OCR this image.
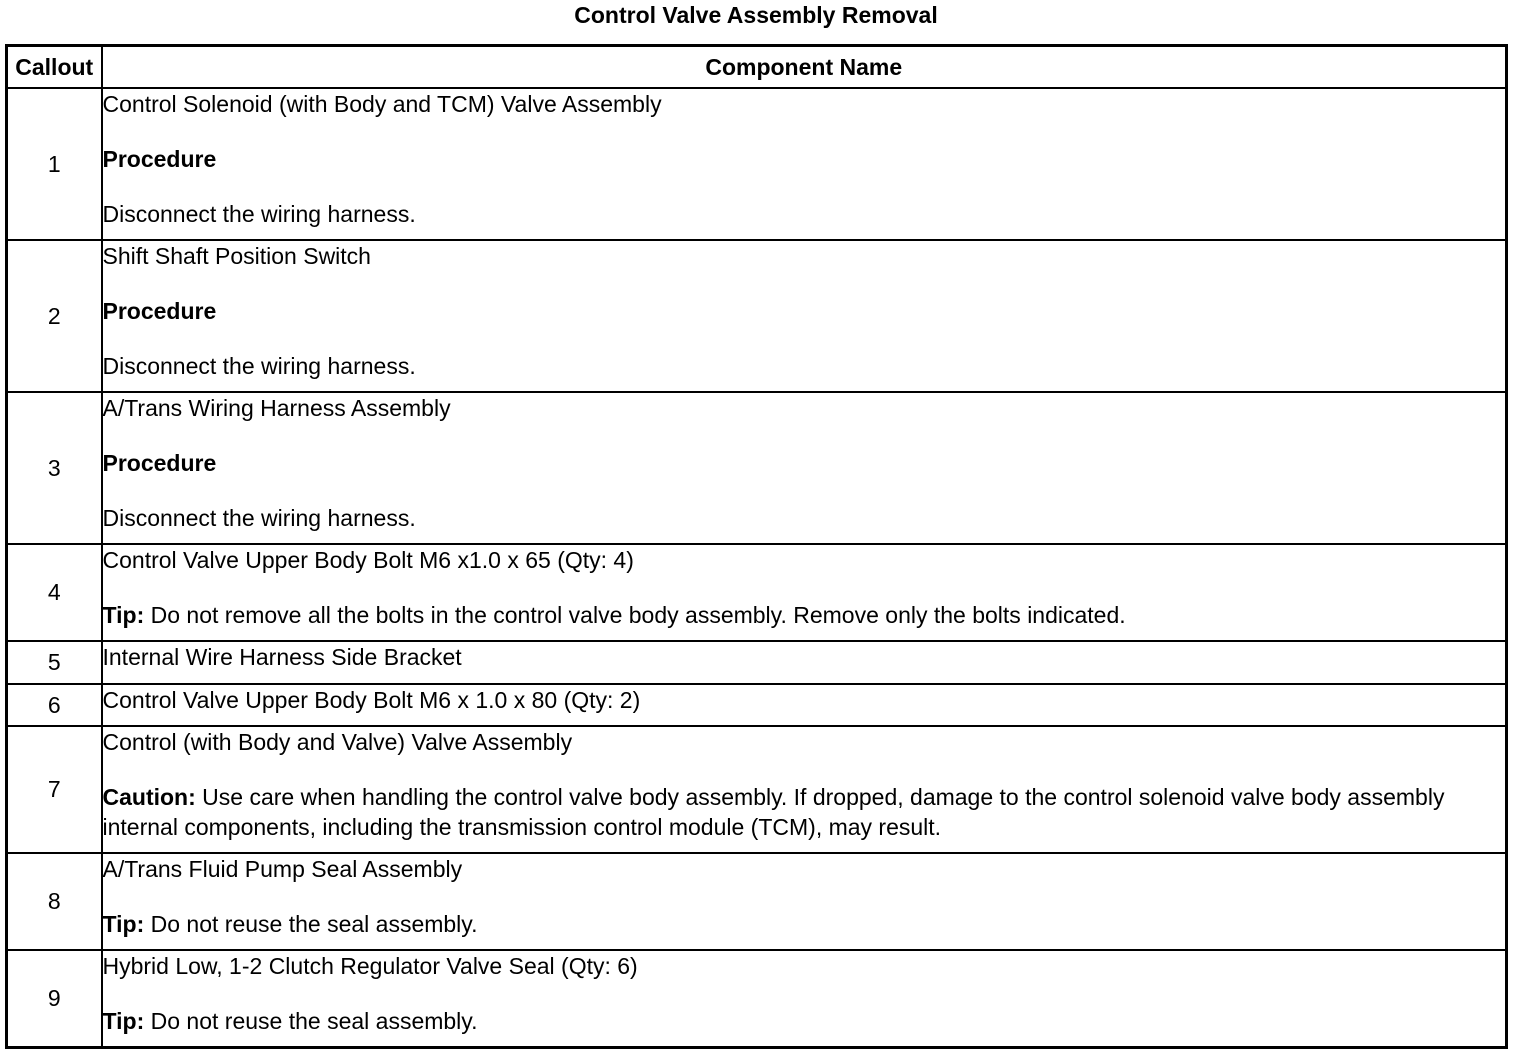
Control Valve Assembly Removal
Callout	Component Name
1	Control Solenoid (with Body and TCM) Valve Assembly

Procedure

Disconnect the wiring harness.

2	Shift Shaft Position Switch

Procedure

Disconnect the wiring harness.

3	A/Trans Wiring Harness Assembly

Procedure

Disconnect the wiring harness.

4	Control Valve Upper Body Bolt M6 x1.0 x 65 (Qty: 4)

Tip: Do not remove all the bolts in the control valve body assembly. Remove only the bolts indicated.

5	Internal Wire Harness Side Bracket

6	Control Valve Upper Body Bolt M6 x 1.0 x 80 (Qty: 2)

7	Control (with Body and Valve) Valve Assembly

Caution: Use care when handling the control valve body assembly. If dropped, damage to the control solenoid valve body assembly internal components, including the transmission control module (TCM), may result.

8	A/Trans Fluid Pump Seal Assembly

Tip: Do not reuse the seal assembly.

9	Hybrid Low, 1-2 Clutch Regulator Valve Seal (Qty: 6)

Tip: Do not reuse the seal assembly.
